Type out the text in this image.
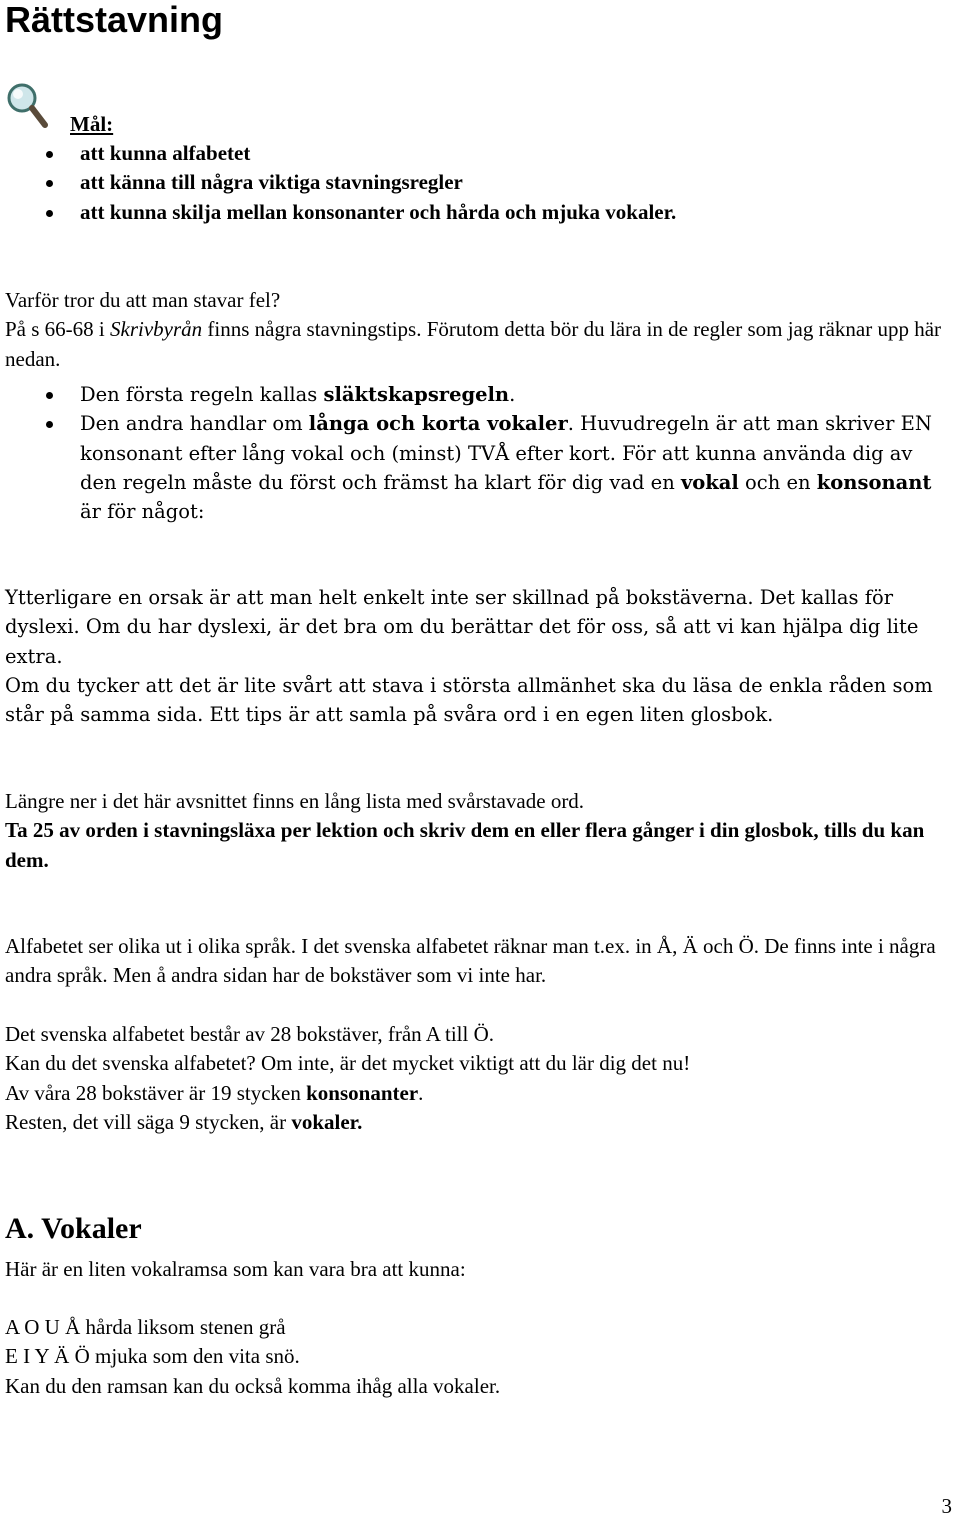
Rättstavning
Mål:
att kunna alfabetet
att känna till några viktiga stavningsregler
att kunna skilja mellan konsonanter och hårda och mjuka vokaler.

Varför tror du att man stavar fel?

På s 66-68 i Skrivbyrån finns några stavningstips. Förutom detta bör du lära in de regler som jag räknar upp här nedan.

Den första regeln kallas släktskapsregeln.
Den andra handlar om långa och korta vokaler. Huvudregeln är att man skriver EN konsonant efter lång vokal och (minst) TVÅ efter kort. För att kunna använda dig av den regeln måste du först och främst ha klart för dig vad en vokal och en konsonant är för något:

Ytterligare en orsak är att man helt enkelt inte ser skillnad på bokstäverna. Det kallas för dyslexi. Om du har dyslexi, är det bra om du berättar det för oss, så att vi kan hjälpa dig lite extra.

Om du tycker att det är lite svårt att stava i största allmänhet ska du läsa de enkla råden som står på samma sida. Ett tips är att samla på svåra ord i en egen liten glosbok.

Längre ner i det här avsnittet finns en lång lista med svårstavade ord.

Ta 25 av orden i stavningsläxa per lektion och skriv dem en eller flera gånger i din glosbok, tills du kan dem.

Alfabetet ser olika ut i olika språk. I det svenska alfabetet räknar man t.ex. in Å, Ä och Ö. De finns inte i några andra språk. Men å andra sidan har de bokstäver som vi inte har.

Det svenska alfabetet består av 28 bokstäver, från A till Ö.

Kan du det svenska alfabetet? Om inte, är det mycket viktigt att du lär dig det nu!

Av våra 28 bokstäver är 19 stycken konsonanter.

Resten, det vill säga 9 stycken, är vokaler.

A. Vokaler

Här är en liten vokalramsa som kan vara bra att kunna:

A O U Å hårda liksom stenen grå

E I Y Ä Ö mjuka som den vita snö.

Kan du den ramsan kan du också komma ihåg alla vokaler.

3
